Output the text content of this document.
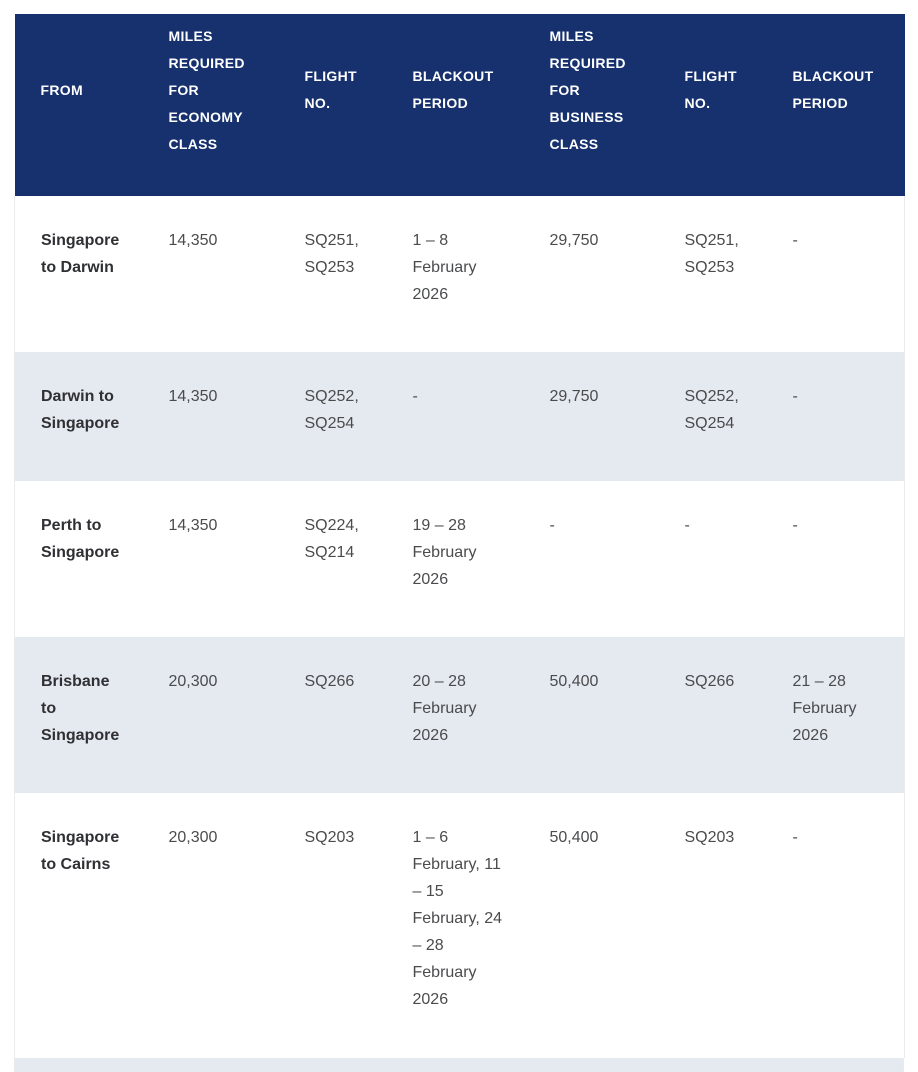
FROM	MILES REQUIRED FOR ECONOMY CLASS	FLIGHT NO.	BLACKOUT PERIOD	MILES REQUIRED FOR BUSINESS CLASS	FLIGHT NO.	BLACKOUT PERIOD
Singapore to Darwin	14,350	SQ251, SQ253	1 – 8 February 2026	29,750	SQ251, SQ253	-
Darwin to Singapore	14,350	SQ252, SQ254	-	29,750	SQ252, SQ254	-
Perth to Singapore	14,350	SQ224, SQ214	19 – 28 February 2026	-	-	-
Brisbane to Singapore	20,300	SQ266	20 – 28 February 2026	50,400	SQ266	21 – 28 February 2026
Singapore to Cairns	20,300	SQ203	1 – 6 February, 11 – 15 February, 24 – 28 February 2026	50,400	SQ203	-
